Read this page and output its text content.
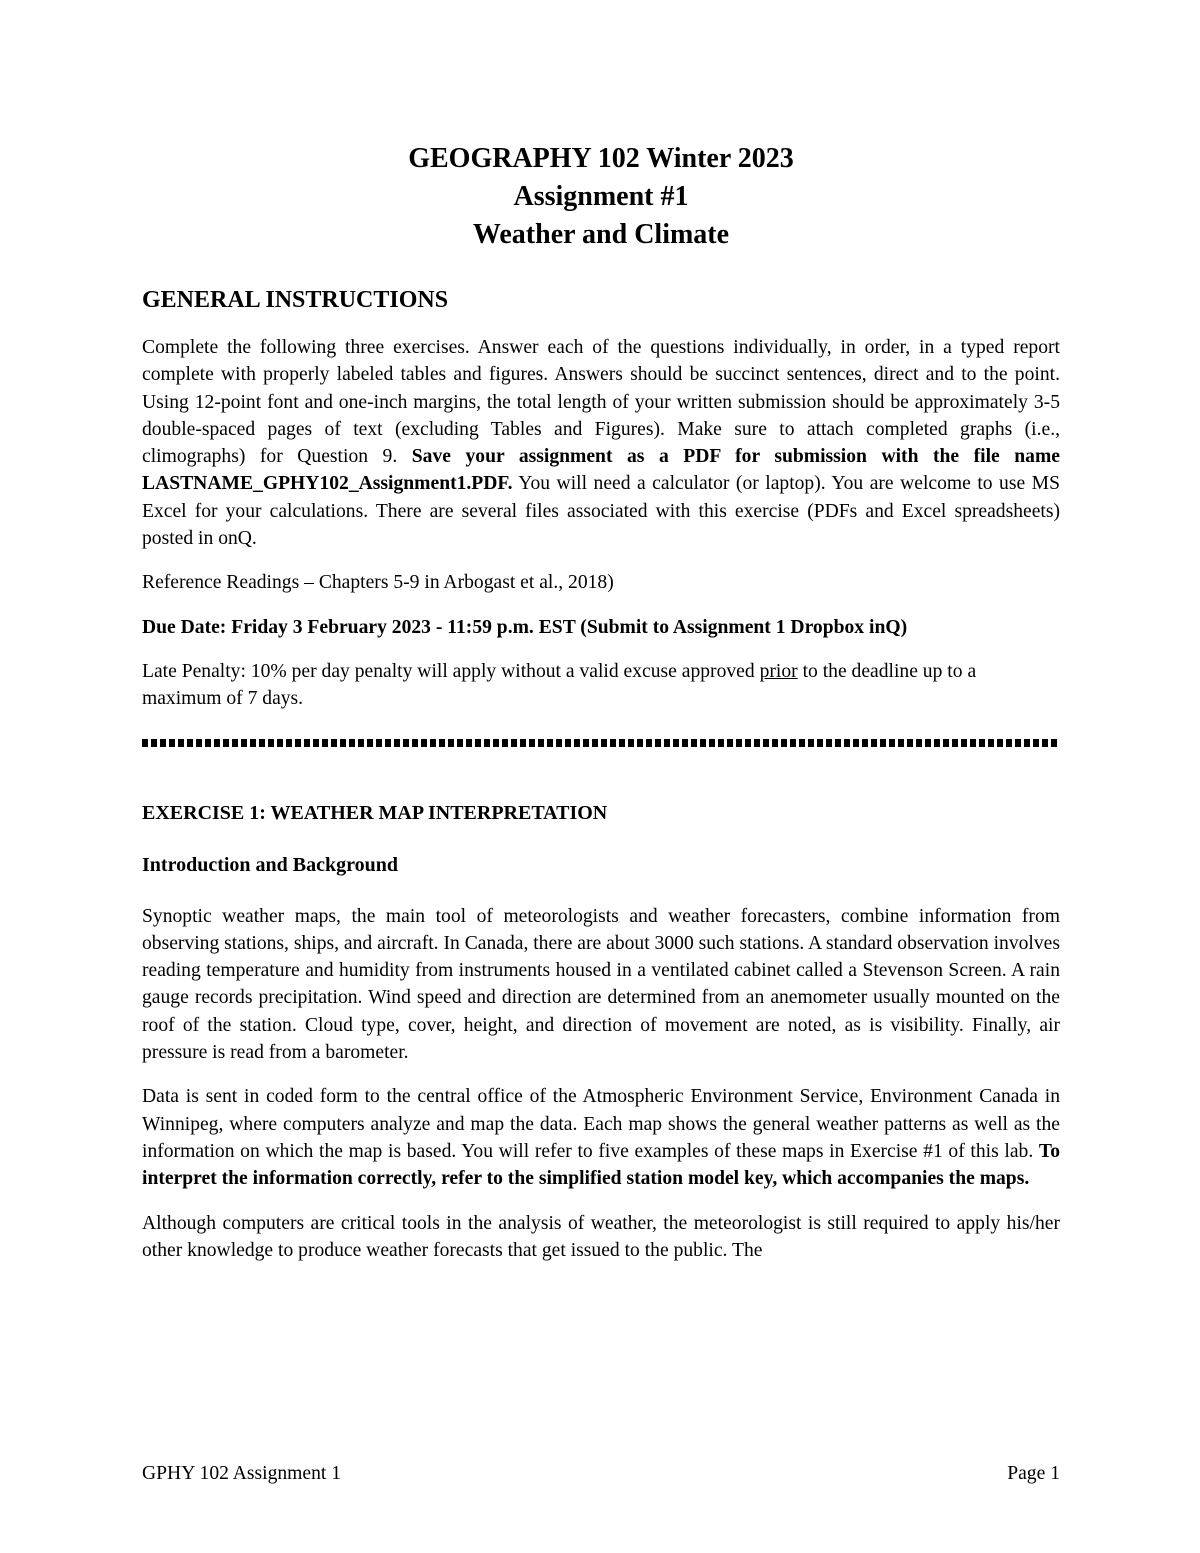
GEOGRAPHY 102 Winter 2023
Assignment #1
Weather and Climate
GENERAL INSTRUCTIONS

Complete the following three exercises. Answer each of the questions individually, in order, in a typed report complete with properly labeled tables and figures. Answers should be succinct sentences, direct and to the point. Using 12-point font and one-inch margins, the total length of your written submission should be approximately 3-5 double-spaced pages of text (excluding Tables and Figures). Make sure to attach completed graphs (i.e., climographs) for Question 9. Save your assignment as a PDF for submission with the file name LASTNAME_GPHY102_Assignment1.PDF. You will need a calculator (or laptop). You are welcome to use MS Excel for your calculations. There are several files associated with this exercise (PDFs and Excel spreadsheets) posted in onQ.

Reference Readings – Chapters 5-9 in Arbogast et al., 2018)

Due Date: Friday 3 February 2023 - 11:59 p.m. EST (Submit to Assignment 1 Dropbox inQ)

Late Penalty: 10% per day penalty will apply without a valid excuse approved prior to the deadline up to a maximum of 7 days.

EXERCISE 1: WEATHER MAP INTERPRETATION
Introduction and Background

Synoptic weather maps, the main tool of meteorologists and weather forecasters, combine information from observing stations, ships, and aircraft. In Canada, there are about 3000 such stations. A standard observation involves reading temperature and humidity from instruments housed in a ventilated cabinet called a Stevenson Screen. A rain gauge records precipitation. Wind speed and direction are determined from an anemometer usually mounted on the roof of the station. Cloud type, cover, height, and direction of movement are noted, as is visibility. Finally, air pressure is read from a barometer.

Data is sent in coded form to the central office of the Atmospheric Environment Service, Environment Canada in Winnipeg, where computers analyze and map the data. Each map shows the general weather patterns as well as the information on which the map is based. You will refer to five examples of these maps in Exercise #1 of this lab. To interpret the information correctly, refer to the simplified station model key, which accompanies the maps.

Although computers are critical tools in the analysis of weather, the meteorologist is still required to apply his/her other knowledge to produce weather forecasts that get issued to the public. The

GPHY 102 Assignment 1	Page 1
